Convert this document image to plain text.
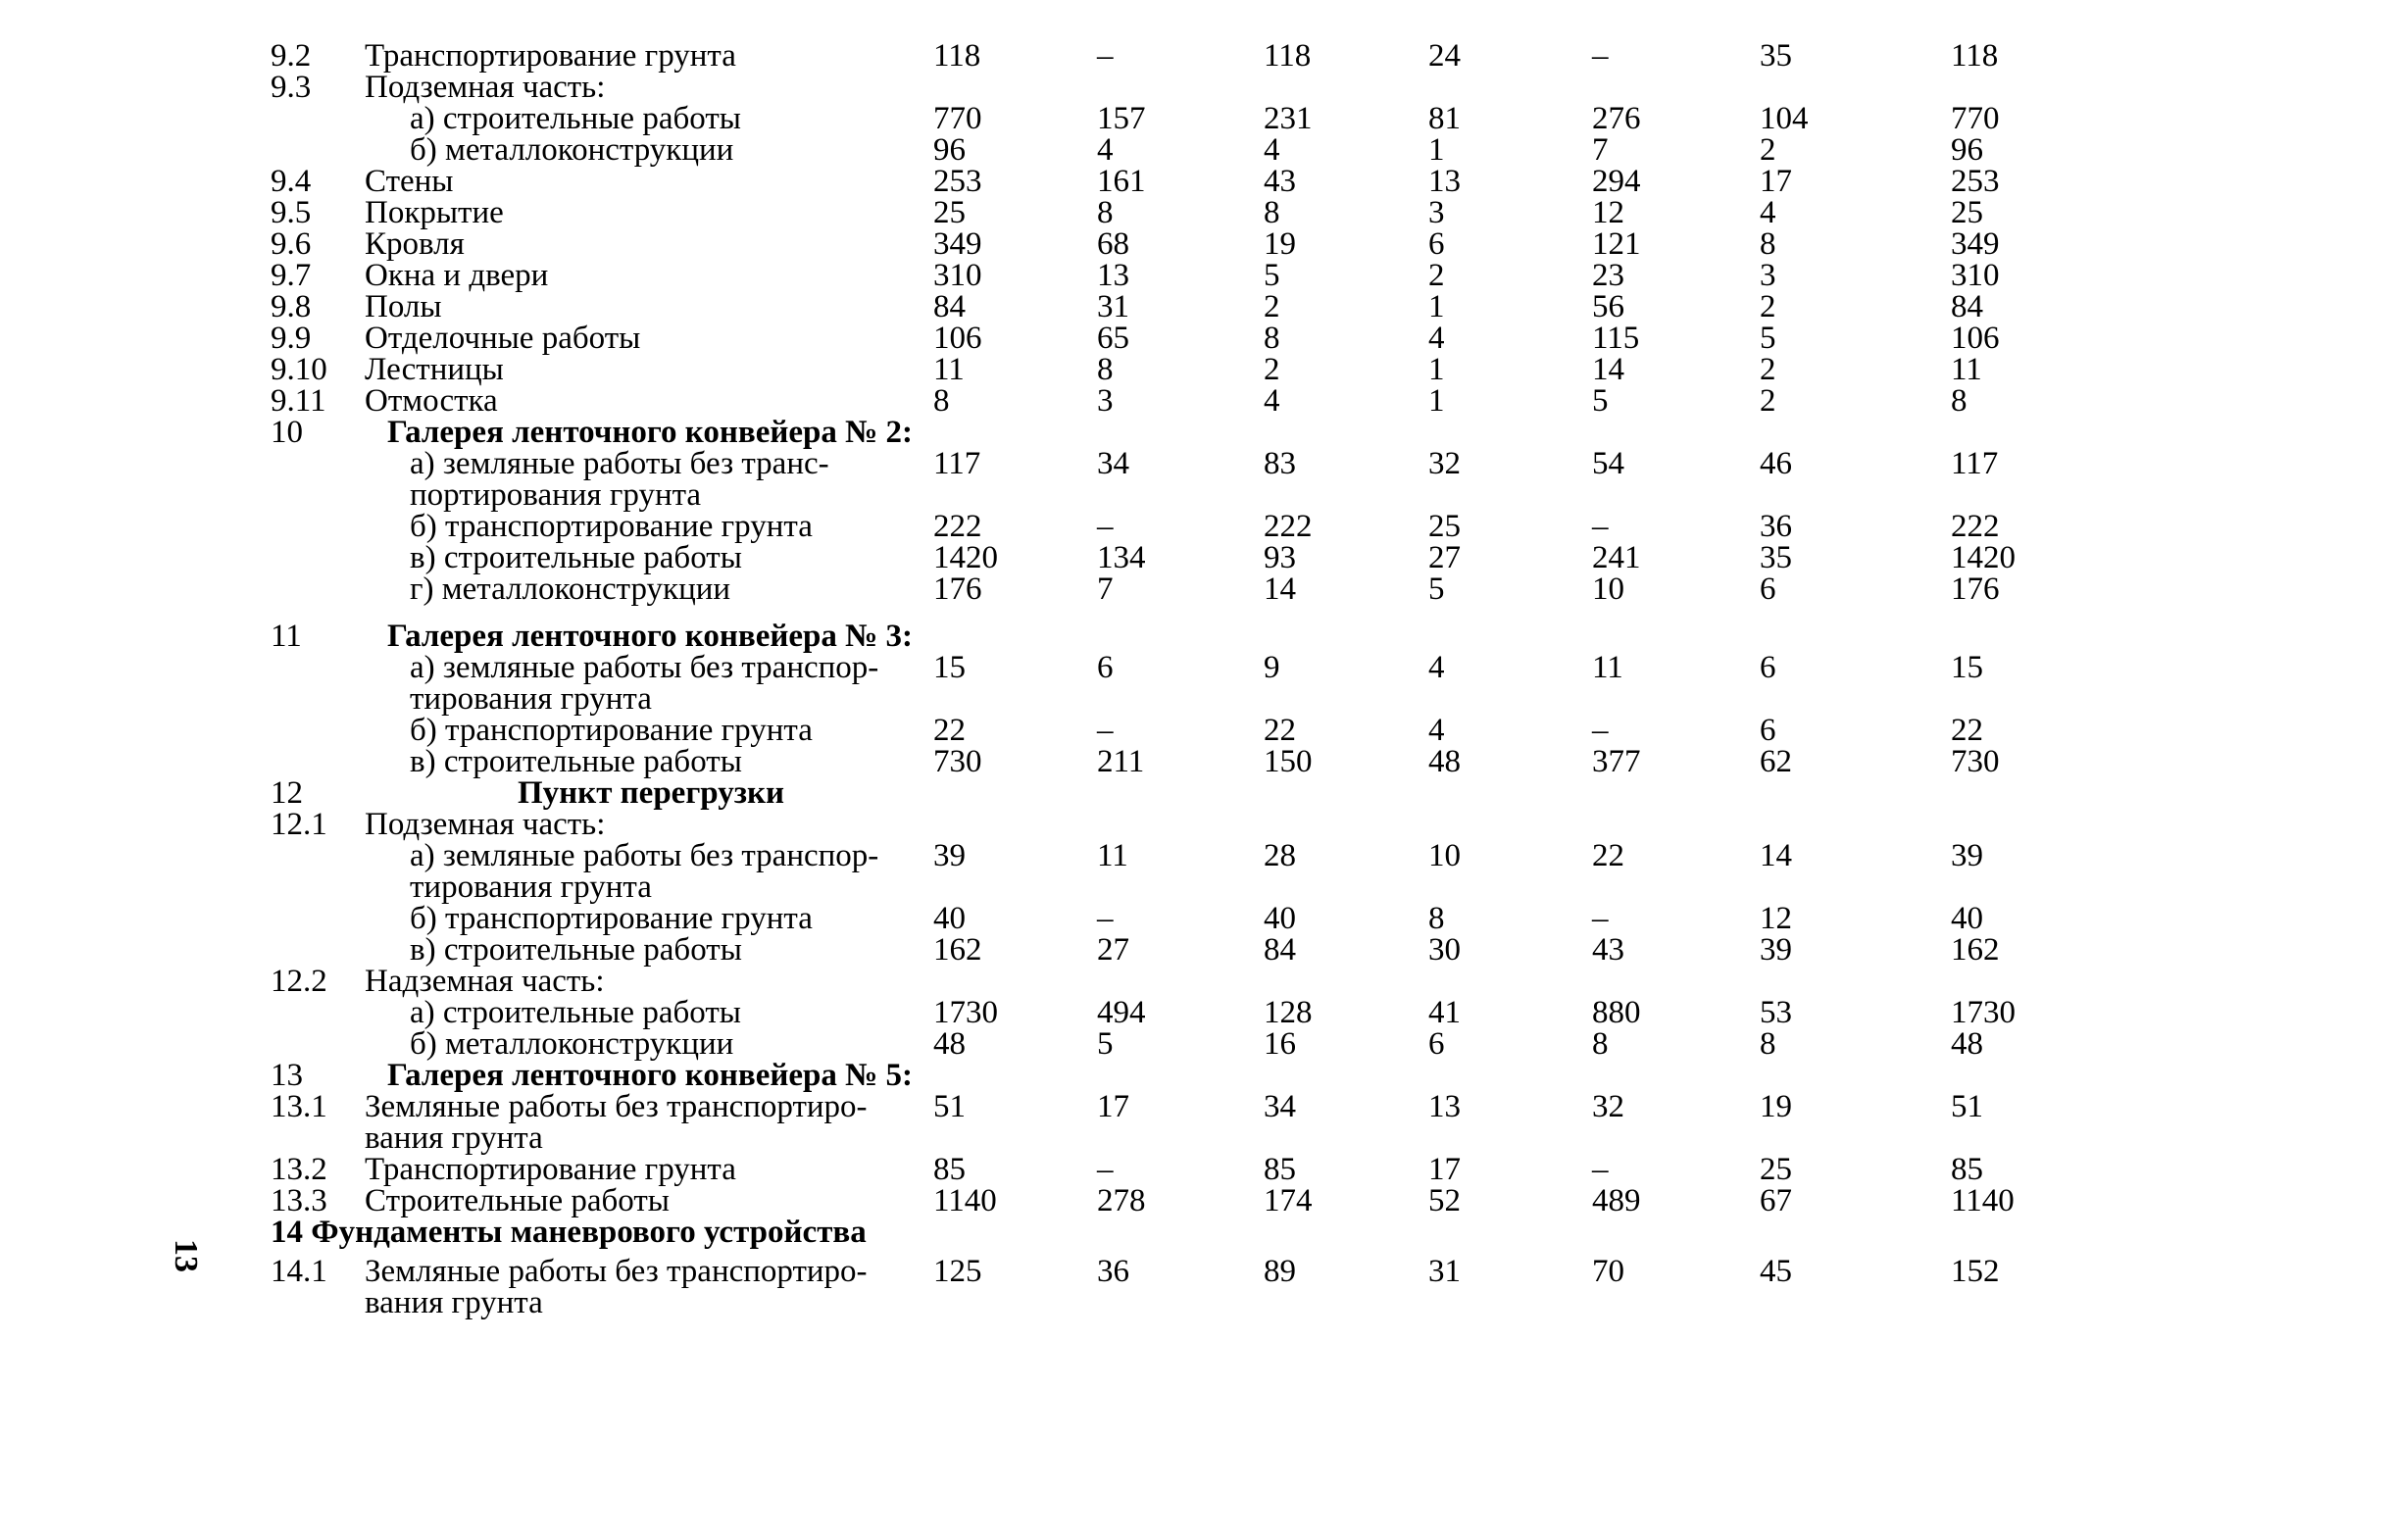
13
9.2 Транспортирование грунта	118	–	118	24	–	35	118
9.3 Подземная часть:
а) строительные работы	770	157	231	81	276	104	770
б) металлоконструкции	96	4	4	1	7	2	96
9.4 Стены	253	161	43	13	294	17	253
9.5 Покрытие	25	8	8	3	12	4	25
9.6 Кровля	349	68	19	6	121	8	349
9.7 Окна и двери	310	13	5	2	23	3	310
9.8 Полы	84	31	2	1	56	2	84
9.9 Отделочные работы	106	65	8	4	115	5	106
9.10 Лестницы	11	8	2	1	14	2	11
9.11 Отмостка	8	3	4	1	5	2	8
10	Галерея ленточного конвейера № 2:
а) земляные работы без транс-	117	34	83	32	54	46	117
портирования грунта
б) транспортирование грунта	222	–	222	25	–	36	222
в) строительные работы	1420	134	93	27	241	35	1420
г) металлоконструкции	176	7	14	5	10	6	176
11	Галерея ленточного конвейера № 3:
а) земляные работы без транспор- 15	6	9	4	11	6	15
тирования грунта
б) транспортирование грунта	22	–	22	4	–	6	22
в) строительные работы	730	211	150	48	377	62	730
12	Пункт перегрузки
12.1 Подземная часть:
а) земляные работы без транспор- 39	11	28	10	22	14	39
тирования грунта
б) транспортирование грунта	40	–	40	8	–	12	40
в) строительные работы	162	27	84	30	43	39	162
12.2 Надземная часть:
а) строительные работы	1730	494	128	41	880	53	1730
б) металлоконструкции	48	5	16	6	8	8	48
13	Галерея ленточного конвейера № 5:
13.1 Земляные работы без транспортиро- 51	17	34	13	32	19	51
вания грунта
13.2 Транспортирование грунта	85	–	85	17	–	25	85
13.3 Строительные работы	1140	278	174	52	489	67	1140
14 Фундаменты маневрового устройства
14.1 Земляные работы без транспортиро- 125	36	89	31	70	45	152
вания грунта
